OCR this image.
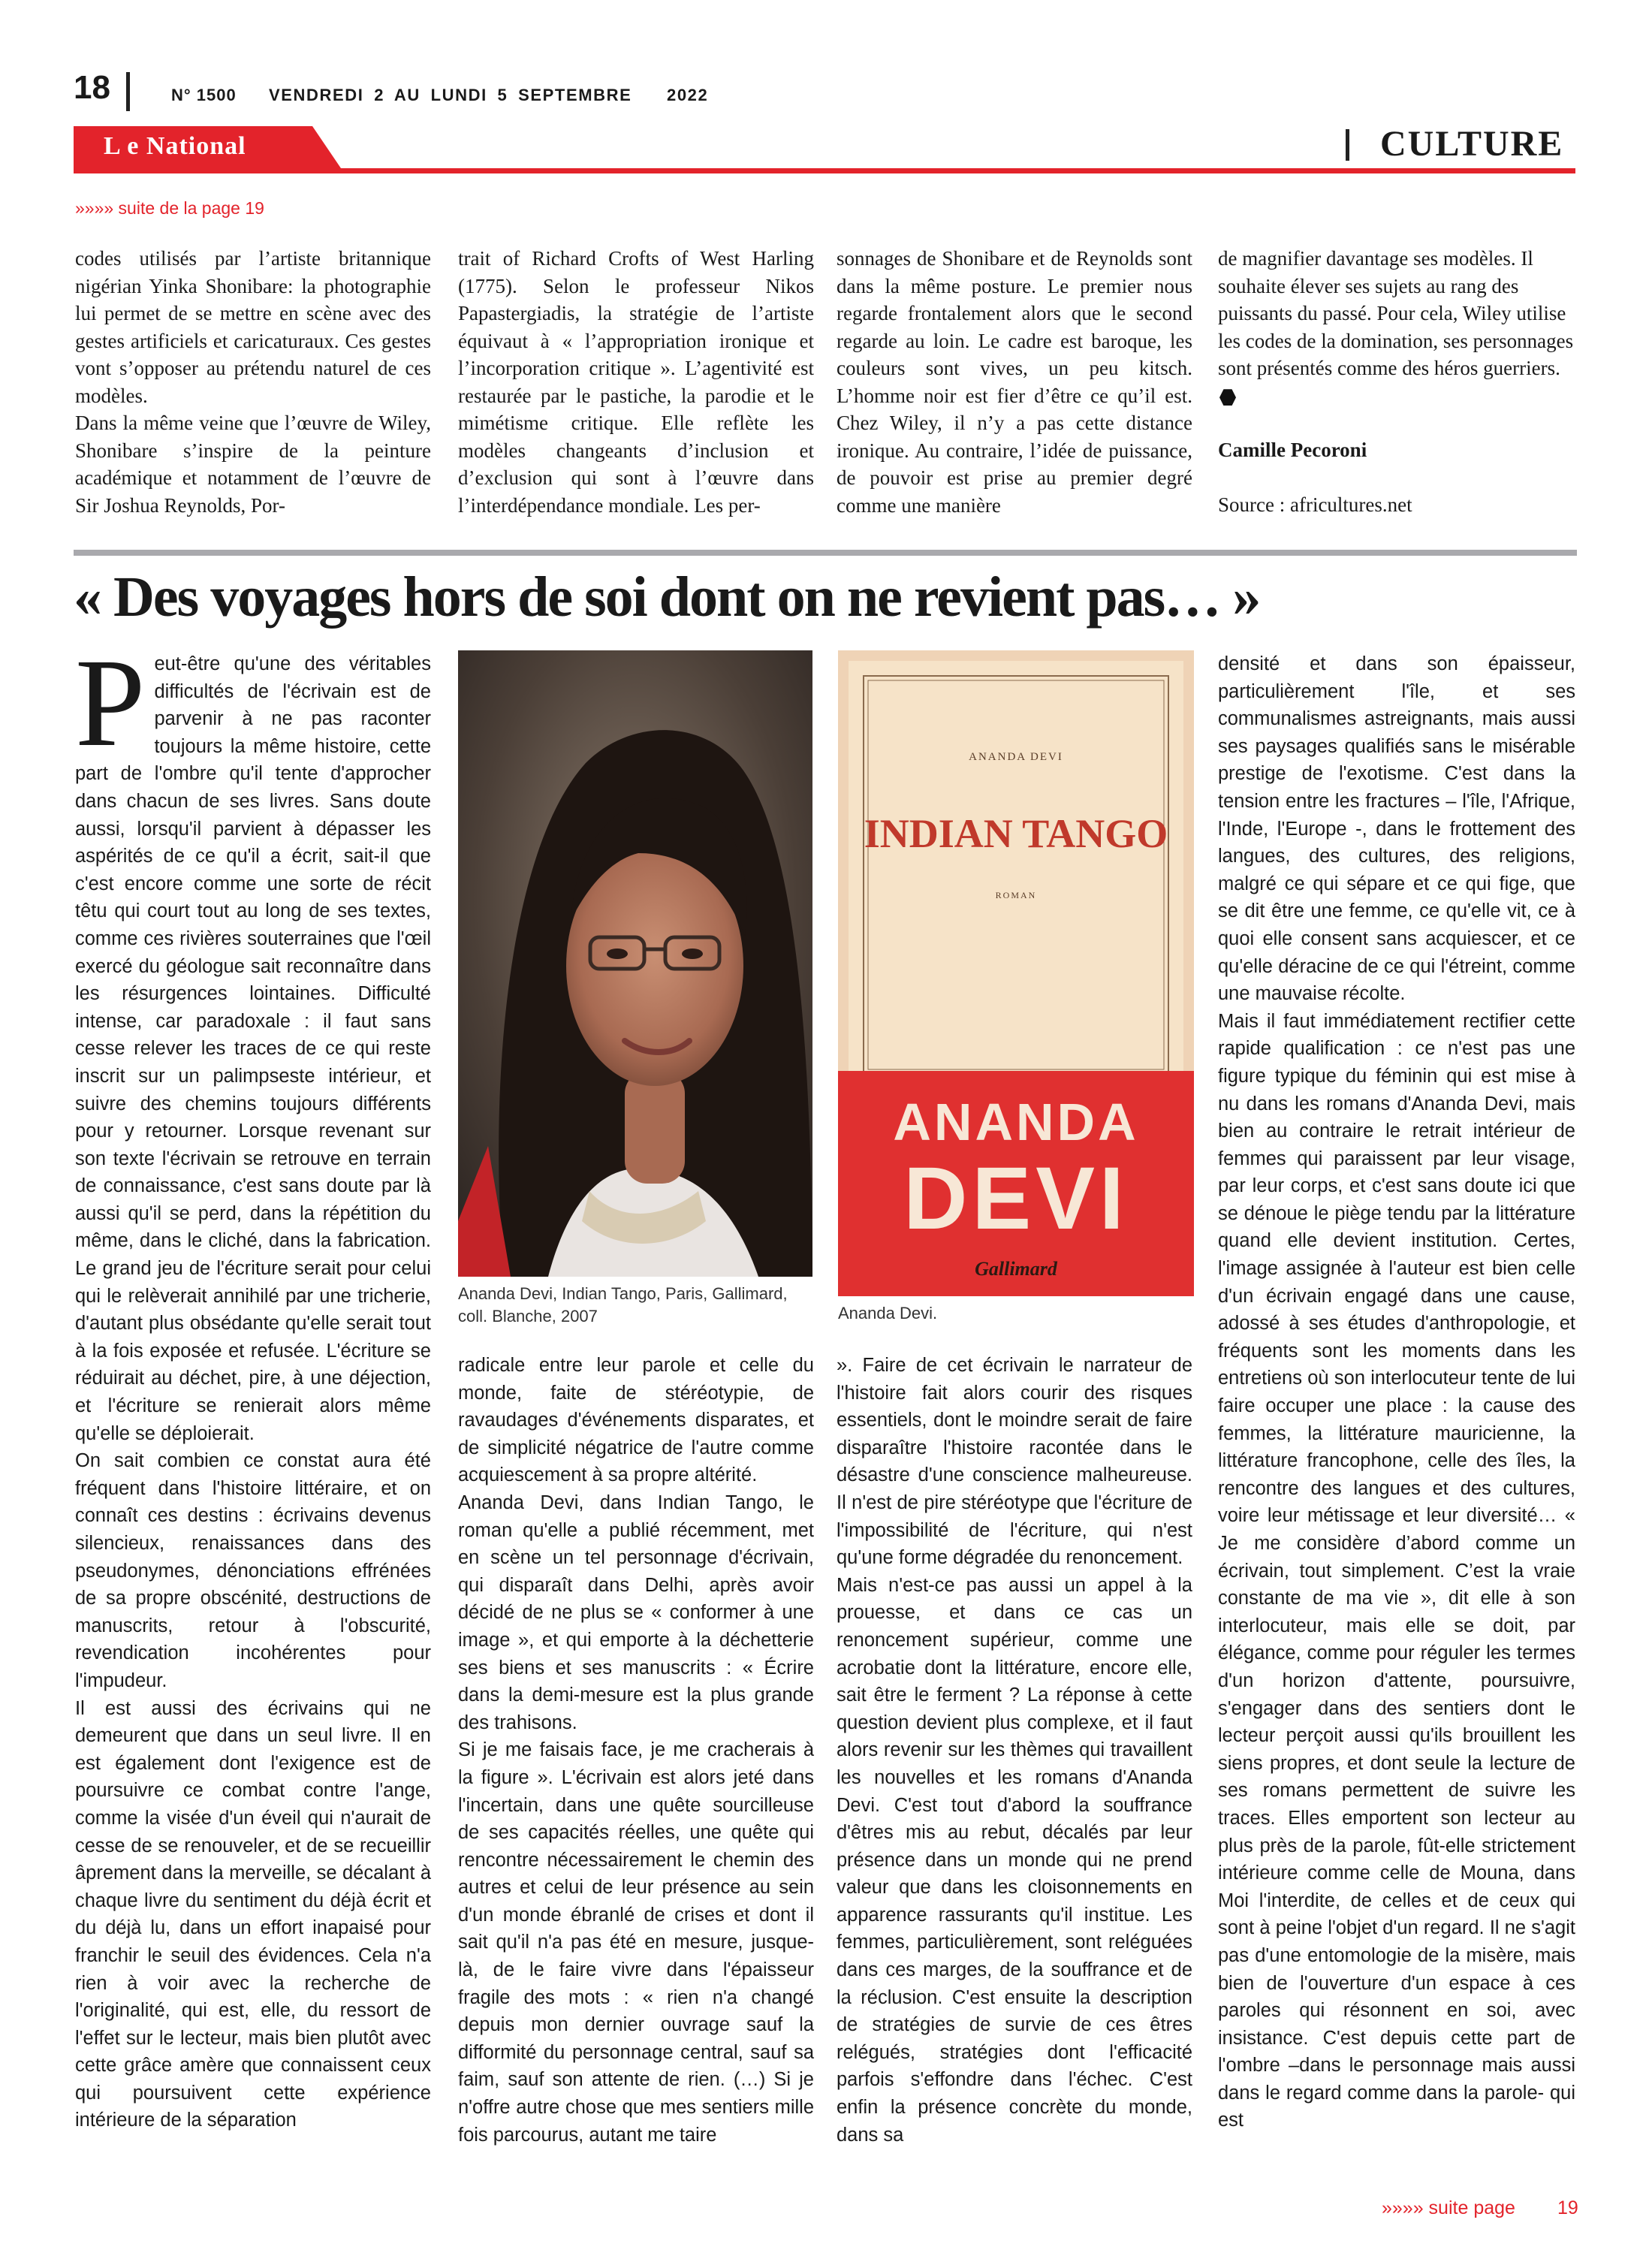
18	N° 1500 VENDREDI 2 AU LUNDI 5 SEPTEMBRE 2022
L e National	CULTURE
»»»» suite de la page 19

codes utilisés par l’artiste britannique nigérian Yinka Shonibare: la photographie lui permet de se mettre en scène avec des gestes artificiels et caricaturaux. Ces gestes vont s’opposer au prétendu naturel de ces modèles.

Dans la même veine que l’œuvre de Wiley, Shonibare s’inspire de la peinture académique et notamment de l’œuvre de Sir Joshua Reynolds, Por-

trait of Richard Crofts of West Harling (1775). Selon le professeur Nikos Papastergiadis, la stratégie de l’artiste équivaut à « l’appropriation ironique et l’incorporation critique ». L’agentivité est restaurée par le pastiche, la parodie et le mimétisme critique. Elle reflète les modèles changeants d’inclusion et d’exclusion qui sont à l’œuvre dans l’interdépendance mondiale. Les per-

sonnages de Shonibare et de Reynolds sont dans la même posture. Le premier nous regarde frontalement alors que le second regarde au loin. Le cadre est baroque, les couleurs sont vives, un peu kitsch. L’homme noir est fier d’être ce qu’il est. Chez Wiley, il n’y a pas cette distance ironique. Au contraire, l’idée de puissance, de pouvoir est prise au premier degré comme une manière

de magnifier davantage ses modèles. Il souhaite élever ses sujets au rang des puissants du passé. Pour cela, Wiley utilise les codes de la domination, ses personnages sont présentés comme des héros guerriers.

Camille Pecoroni

Source : africultures.net

« Des voyages hors de soi dont on ne revient pas… »

Peut-être qu'une des véritables difficultés de l'écrivain est de parvenir à ne pas raconter toujours la même histoire, cette part de l'ombre qu'il tente d'approcher dans chacun de ses livres. Sans doute aussi, lorsqu'il parvient à dépasser les aspérités de ce qu'il a écrit, sait-il que c'est encore comme une sorte de récit têtu qui court tout au long de ses textes, comme ces rivières souterraines que l'œil exercé du géologue sait reconnaître dans les résurgences lointaines. Difficulté intense, car paradoxale : il faut sans cesse relever les traces de ce qui reste inscrit sur un palimpseste intérieur, et suivre des chemins toujours différents pour y retourner. Lorsque revenant sur son texte l'écrivain se retrouve en terrain de connaissance, c'est sans doute par là aussi qu'il se perd, dans la répétition du même, dans le cliché, dans la fabrication. Le grand jeu de l'écriture serait pour celui qui le relèverait annihilé par une tricherie, d'autant plus obsédante qu'elle serait tout à la fois exposée et refusée. L'écriture se réduirait au déchet, pire, à une déjection, et l'écriture se renierait alors même qu'elle se déploierait.

On sait combien ce constat aura été fréquent dans l'histoire littéraire, et on connaît ces destins : écrivains devenus silencieux, renaissances dans des pseudonymes, dénonciations effrénées de sa propre obscénité, destructions de manuscrits, retour à l'obscurité, revendication incohérentes pour l'impudeur.

Il est aussi des écrivains qui ne demeurent que dans un seul livre. Il en est également dont l'exigence est de poursuivre ce combat contre l'ange, comme la visée d'un éveil qui n'aurait de cesse de se renouveler, et de se recueillir âprement dans la merveille, se décalant à chaque livre du sentiment du déjà écrit et du déjà lu, dans un effort inapaisé pour franchir le seuil des évidences. Cela n'a rien à voir avec la recherche de l'originalité, qui est, elle, du ressort de l'effet sur le lecteur, mais bien plutôt avec cette grâce amère que connaissent ceux qui poursuivent cette expérience intérieure de la séparation

Ananda Devi, Indian Tango, Paris, Gallimard, coll. Blanche, 2007
ANANDA DEVI
INDIAN TANGO
ROMAN
ANANDA
DEVI
Gallimard
Ananda Devi.

radicale entre leur parole et celle du monde, faite de stéréotypie, de ravaudages d'événements disparates, et de simplicité négatrice de l'autre comme acquiescement à sa propre altérité.

Ananda Devi, dans Indian Tango, le roman qu'elle a publié récemment, met en scène un tel personnage d'écrivain, qui disparaît dans Delhi, après avoir décidé de ne plus se « conformer à une image », et qui emporte à la déchetterie ses biens et ses manuscrits : « Écrire dans la demi-mesure est la plus grande des trahisons.

Si je me faisais face, je me cracherais à la figure ». L'écrivain est alors jeté dans l'incertain, dans une quête sourcilleuse de ses capacités réelles, une quête qui rencontre nécessairement le chemin des autres et celui de leur présence au sein d'un monde ébranlé de crises et dont il sait qu'il n'a pas été en mesure, jusque-là, de le faire vivre dans l'épaisseur fragile des mots : « rien n'a changé depuis mon dernier ouvrage sauf la difformité du personnage central, sauf sa faim, sauf son attente de rien. (…) Si je n'offre autre chose que mes sentiers mille fois parcourus, autant me taire

». Faire de cet écrivain le narrateur de l'histoire fait alors courir des risques essentiels, dont le moindre serait de faire disparaître l'histoire racontée dans le désastre d'une conscience malheureuse. Il n'est de pire stéréotype que l'écriture de l'impossibilité de l'écriture, qui n'est qu'une forme dégradée du renoncement.

Mais n'est-ce pas aussi un appel à la prouesse, et dans ce cas un renoncement supérieur, comme une acrobatie dont la littérature, encore elle, sait être le ferment ? La réponse à cette question devient plus complexe, et il faut alors revenir sur les thèmes qui travaillent les nouvelles et les romans d'Ananda Devi. C'est tout d'abord la souffrance d'êtres mis au rebut, décalés par leur présence dans un monde qui ne prend valeur que dans les cloisonnements en apparence rassurants qu'il institue. Les femmes, particulièrement, sont reléguées dans ces marges, de la souffrance et de la réclusion. C'est ensuite la description de stratégies de survie de ces êtres relégués, stratégies dont l'efficacité parfois s'effondre dans l'échec. C'est enfin la présence concrète du monde, dans sa

densité et dans son épaisseur, particulièrement l'île, et ses communalismes astreignants, mais aussi ses paysages qualifiés sans le misérable prestige de l'exotisme. C'est dans la tension entre les fractures – l'île, l'Afrique, l'Inde, l'Europe -, dans le frottement des langues, des cultures, des religions, malgré ce qui sépare et ce qui fige, que se dit être une femme, ce qu'elle vit, ce à quoi elle consent sans acquiescer, et ce qu'elle déracine de ce qui l'étreint, comme une mauvaise récolte.

Mais il faut immédiatement rectifier cette rapide qualification : ce n'est pas une figure typique du féminin qui est mise à nu dans les romans d'Ananda Devi, mais bien au contraire le retrait intérieur de femmes qui paraissent par leur visage, par leur corps, et c'est sans doute ici que se dénoue le piège tendu par la littérature quand elle devient institution. Certes, l'image assignée à l'auteur est bien celle d'un écrivain engagé dans une cause, adossé à ses études d'anthropologie, et fréquents sont les moments dans les entretiens où son interlocuteur tente de lui faire occuper une place : la cause des femmes, la littérature mauricienne, la littérature francophone, celle des îles, la rencontre des langues et des cultures, voire leur métissage et leur diversité… « Je me considère d’abord comme un écrivain, tout simplement. C’est la vraie constante de ma vie », dit elle à son interlocuteur, mais elle se doit, par élégance, comme pour réguler les termes d'un horizon d'attente, poursuivre, s'engager dans des sentiers dont le lecteur perçoit aussi qu'ils brouillent les siens propres, et dont seule la lecture de ses romans permettent de suivre les traces. Elles emportent son lecteur au plus près de la parole, fût-elle strictement intérieure comme celle de Mouna, dans Moi l'interdite, de celles et de ceux qui sont à peine l'objet d'un regard. Il ne s'agit pas d'une entomologie de la misère, mais bien de l'ouverture d'un espace à ces paroles qui résonnent en soi, avec insistance. C'est depuis cette part de l'ombre –dans le personnage mais aussi dans le regard comme dans la parole- qui est

»»»» suite page 19
